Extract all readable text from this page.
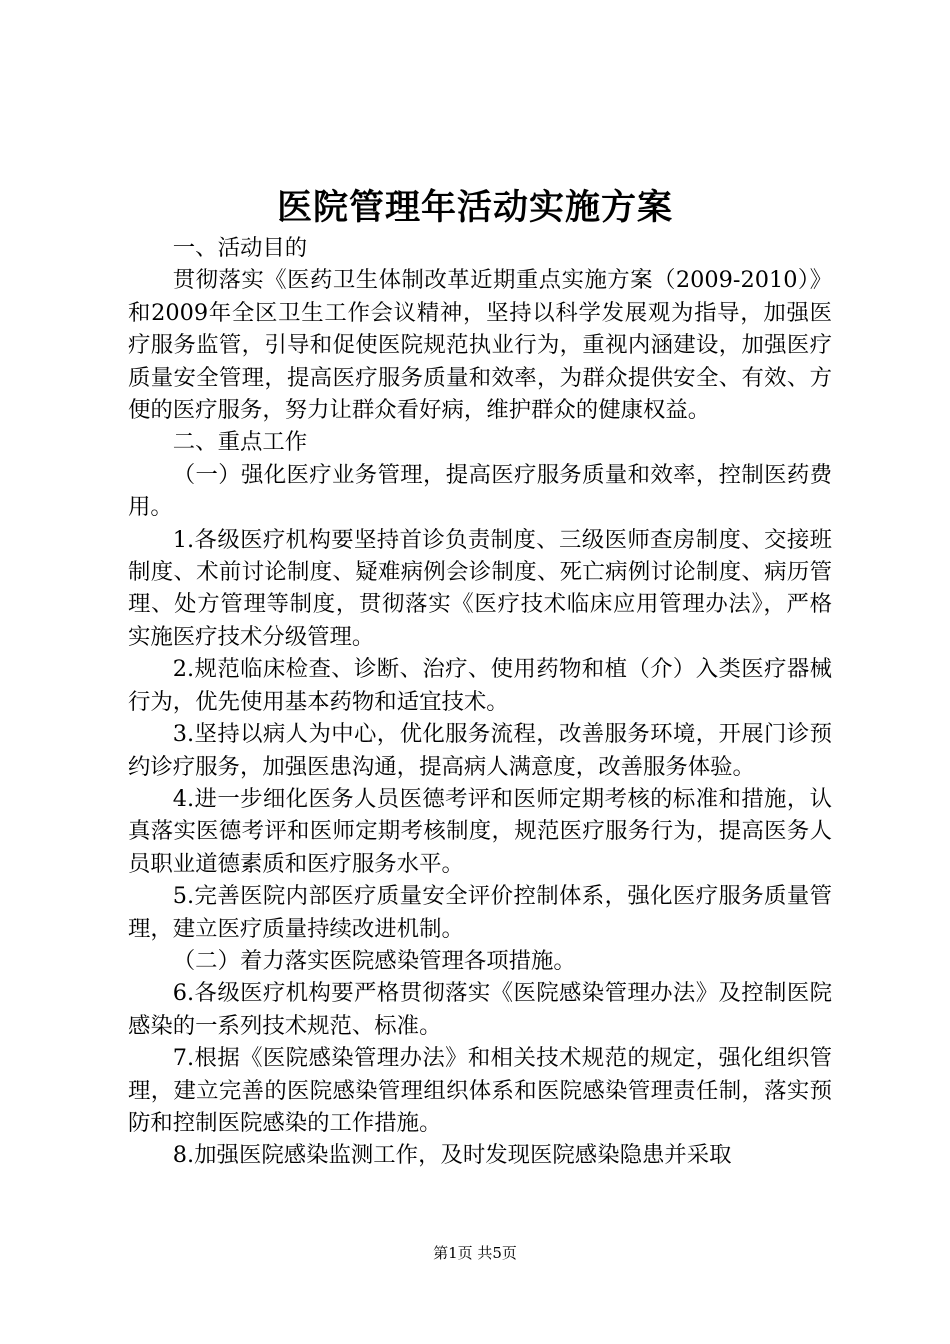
医院管理年活动实施方案

一、活动目的

贯彻落实《医药卫生体制改革近期重点实施方案（2009-2010）》和2009年全区卫生工作会议精神，坚持以科学发展观为指导，加强医疗服务监管，引导和促使医院规范执业行为，重视内涵建设，加强医疗质量安全管理，提高医疗服务质量和效率，为群众提供安全、有效、方便的医疗服务，努力让群众看好病，维护群众的健康权益。

二、重点工作

（一）强化医疗业务管理，提高医疗服务质量和效率，控制医药费用。

1.各级医疗机构要坚持首诊负责制度、三级医师查房制度、交接班制度、术前讨论制度、疑难病例会诊制度、死亡病例讨论制度、病历管理、处方管理等制度，贯彻落实《医疗技术临床应用管理办法》，严格实施医疗技术分级管理。

2.规范临床检查、诊断、治疗、使用药物和植（介）入类医疗器械行为，优先使用基本药物和适宜技术。

3.坚持以病人为中心，优化服务流程，改善服务环境，开展门诊预约诊疗服务，加强医患沟通，提高病人满意度，改善服务体验。

4.进一步细化医务人员医德考评和医师定期考核的标准和措施，认真落实医德考评和医师定期考核制度，规范医疗服务行为，提高医务人员职业道德素质和医疗服务水平。

5.完善医院内部医疗质量安全评价控制体系，强化医疗服务质量管理，建立医疗质量持续改进机制。

（二）着力落实医院感染管理各项措施。

6.各级医疗机构要严格贯彻落实《医院感染管理办法》及控制医院感染的一系列技术规范、标准。

7.根据《医院感染管理办法》和相关技术规范的规定，强化组织管理，建立完善的医院感染管理组织体系和医院感染管理责任制，落实预防和控制医院感染的工作措施。

8.加强医院感染监测工作，及时发现医院感染隐患并采取

第1页 共5页
